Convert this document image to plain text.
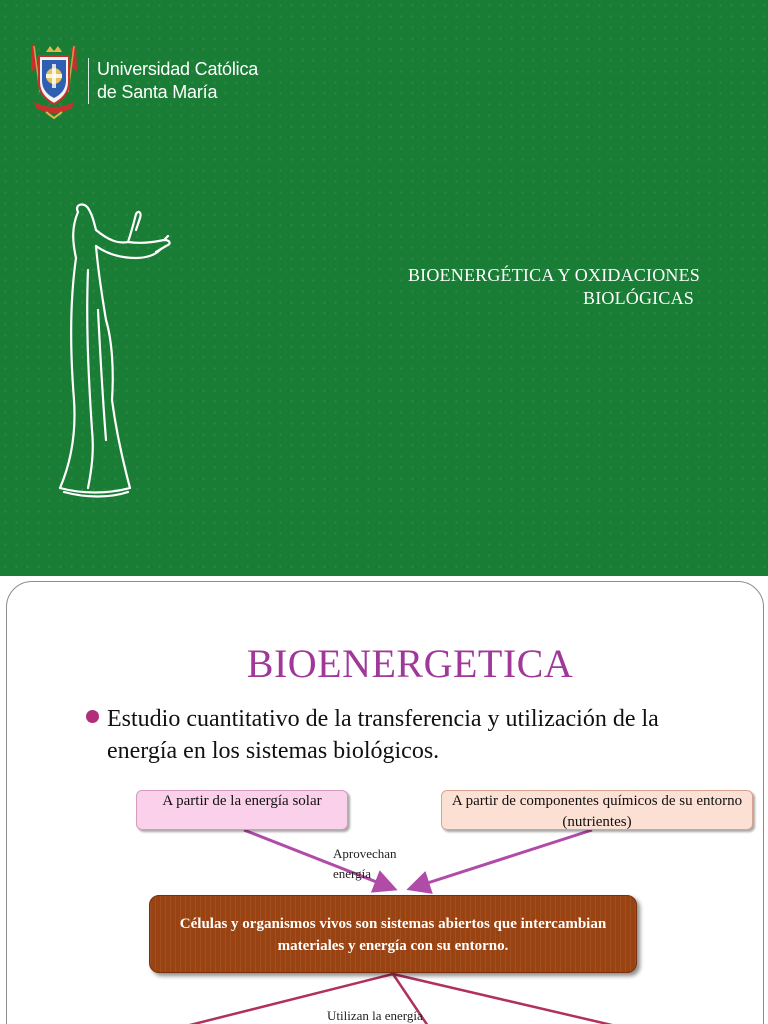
Universidad Católica
de Santa María
BIOENERGÉTICA Y OXIDACIONES
BIOLÓGICAS
BIOENERGETICA
Estudio cuantitativo de la transferencia y utilización de la energía en los sistemas biológicos.
A partir de la energía solar	A partir de componentes químicos de su entorno (nutrientes)
Aprovechan energía
Células y organismos vivos son sistemas abiertos que intercambian materiales y energía con su entorno.
Utilizan la energía
